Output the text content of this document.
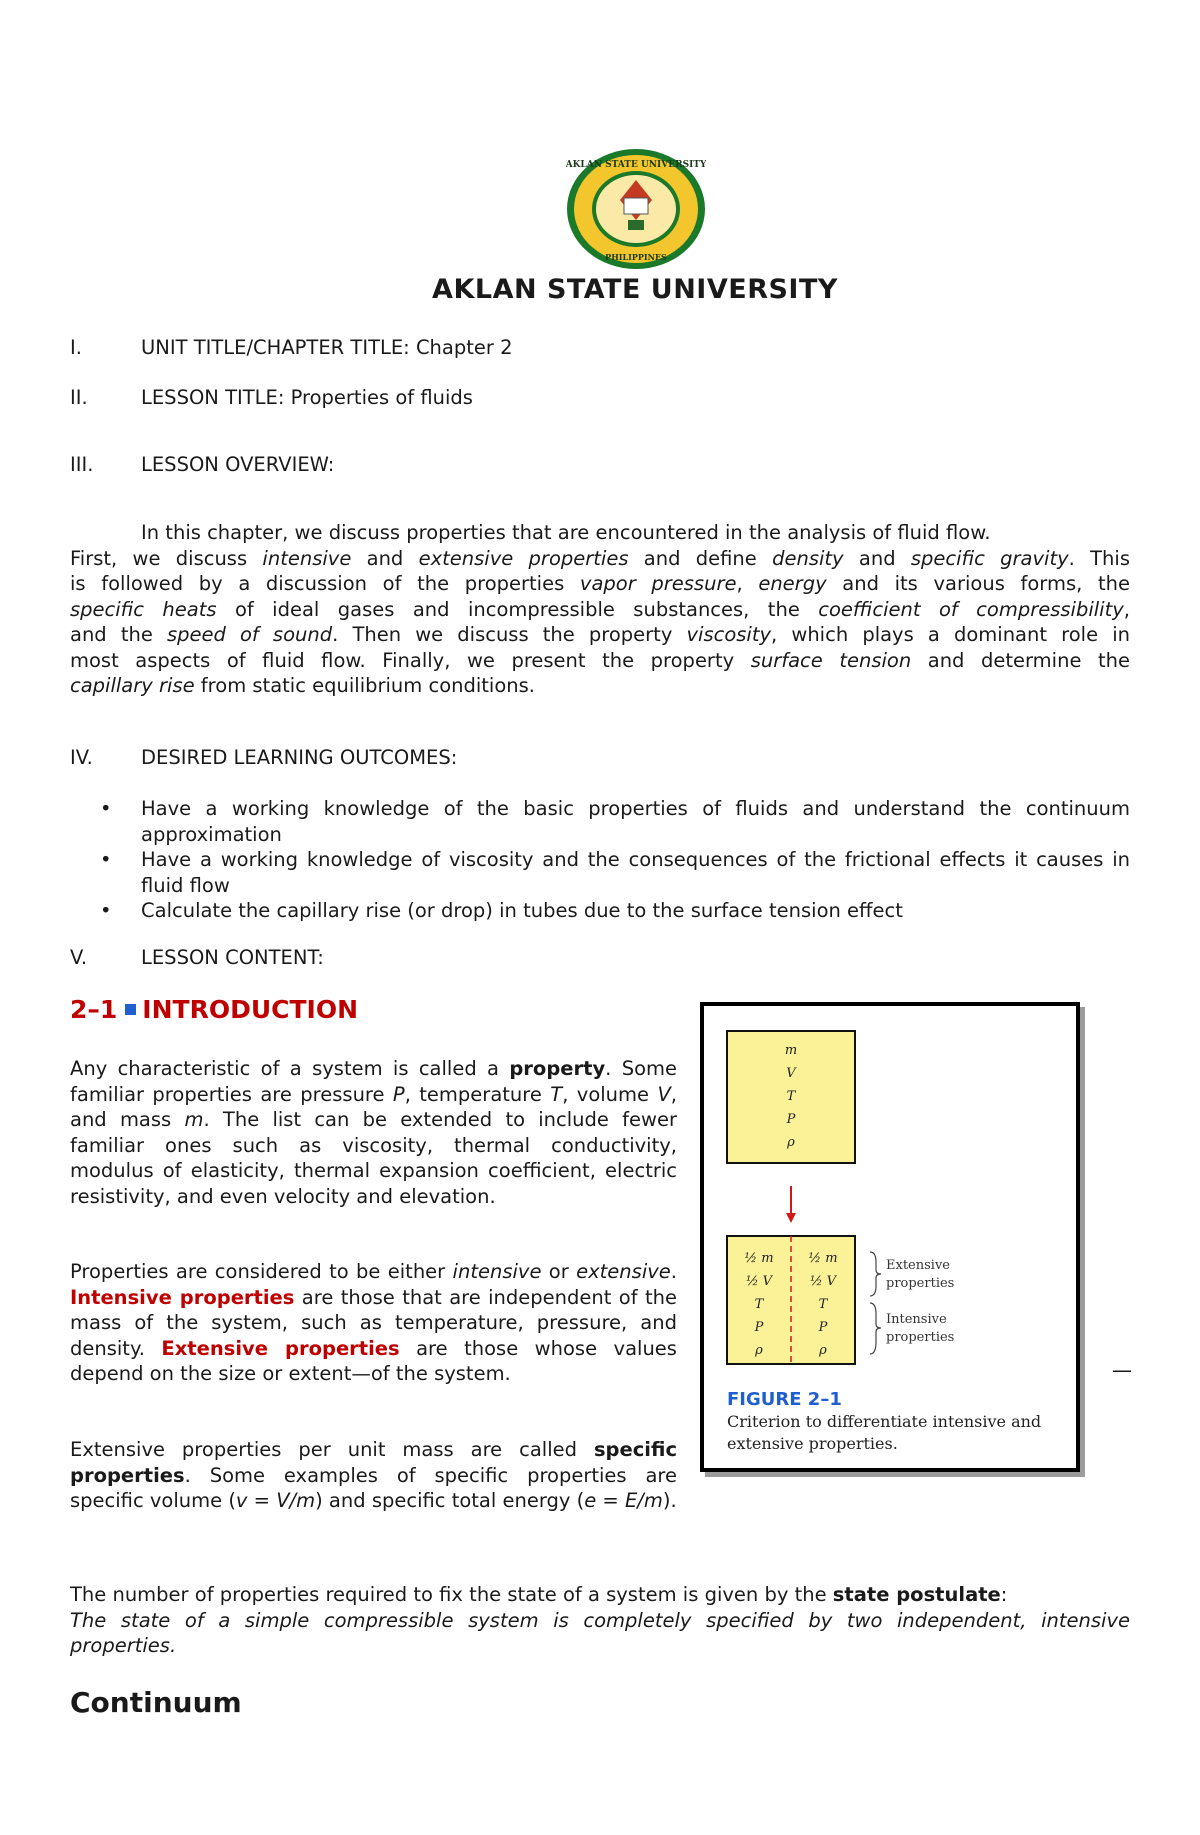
AKLAN STATE UNIVERSITY
PHILIPPINES
AKLAN STATE UNIVERSITY
I.	UNIT TITLE/CHAPTER TITLE: Chapter 2
II.	LESSON TITLE: Properties of fluids
III.	LESSON OVERVIEW:
In this chapter, we discuss properties that are encountered in the analysis of fluid flow.
First, we discuss intensive and extensive properties and define density and specific gravity. This
is followed by a discussion of the properties vapor pressure, energy and its various forms, the
specific heats of ideal gases and incompressible substances, the coefficient of compressibility,
and the speed of sound. Then we discuss the property viscosity, which plays a dominant role in
most aspects of fluid flow. Finally, we present the property surface tension and determine the
capillary rise from static equilibrium conditions.
IV.	DESIRED LEARNING OUTCOMES:
• Have a working knowledge of the basic properties of fluids and understand the continuum approximation
• Have a working knowledge of viscosity and the consequences of the frictional effects it causes in fluid flow
• Calculate the capillary rise (or drop) in tubes due to the surface tension effect
V.	LESSON CONTENT:
2–1 INTRODUCTION
Any characteristic of a system is called a property. Some familiar properties are pressure P, temperature T, volume V, and mass m. The list can be extended to include fewer familiar ones such as viscosity, thermal conductivity, modulus of elasticity, thermal expansion coefficient, electric resistivity, and even velocity and elevation.
Properties are considered to be either intensive or extensive. Intensive properties are those that are independent of the mass of the system, such as temperature, pressure, and density. Extensive properties are those whose values depend on the size or extent—of the system.
Extensive properties per unit mass are called specific properties. Some examples of specific properties are specific volume (v = V/m) and specific total energy (e = E/m).
m
V
T
P
ρ
½ m
½ V
T
P
ρ
½ m
½ V
T
P
ρ
Extensive
properties
Intensive
properties
FIGURE 2–1
Criterion to differentiate intensive and extensive properties.
—
The number of properties required to fix the state of a system is given by the state postulate:
The state of a simple compressible system is completely specified by two independent, intensive properties.
Continuum
